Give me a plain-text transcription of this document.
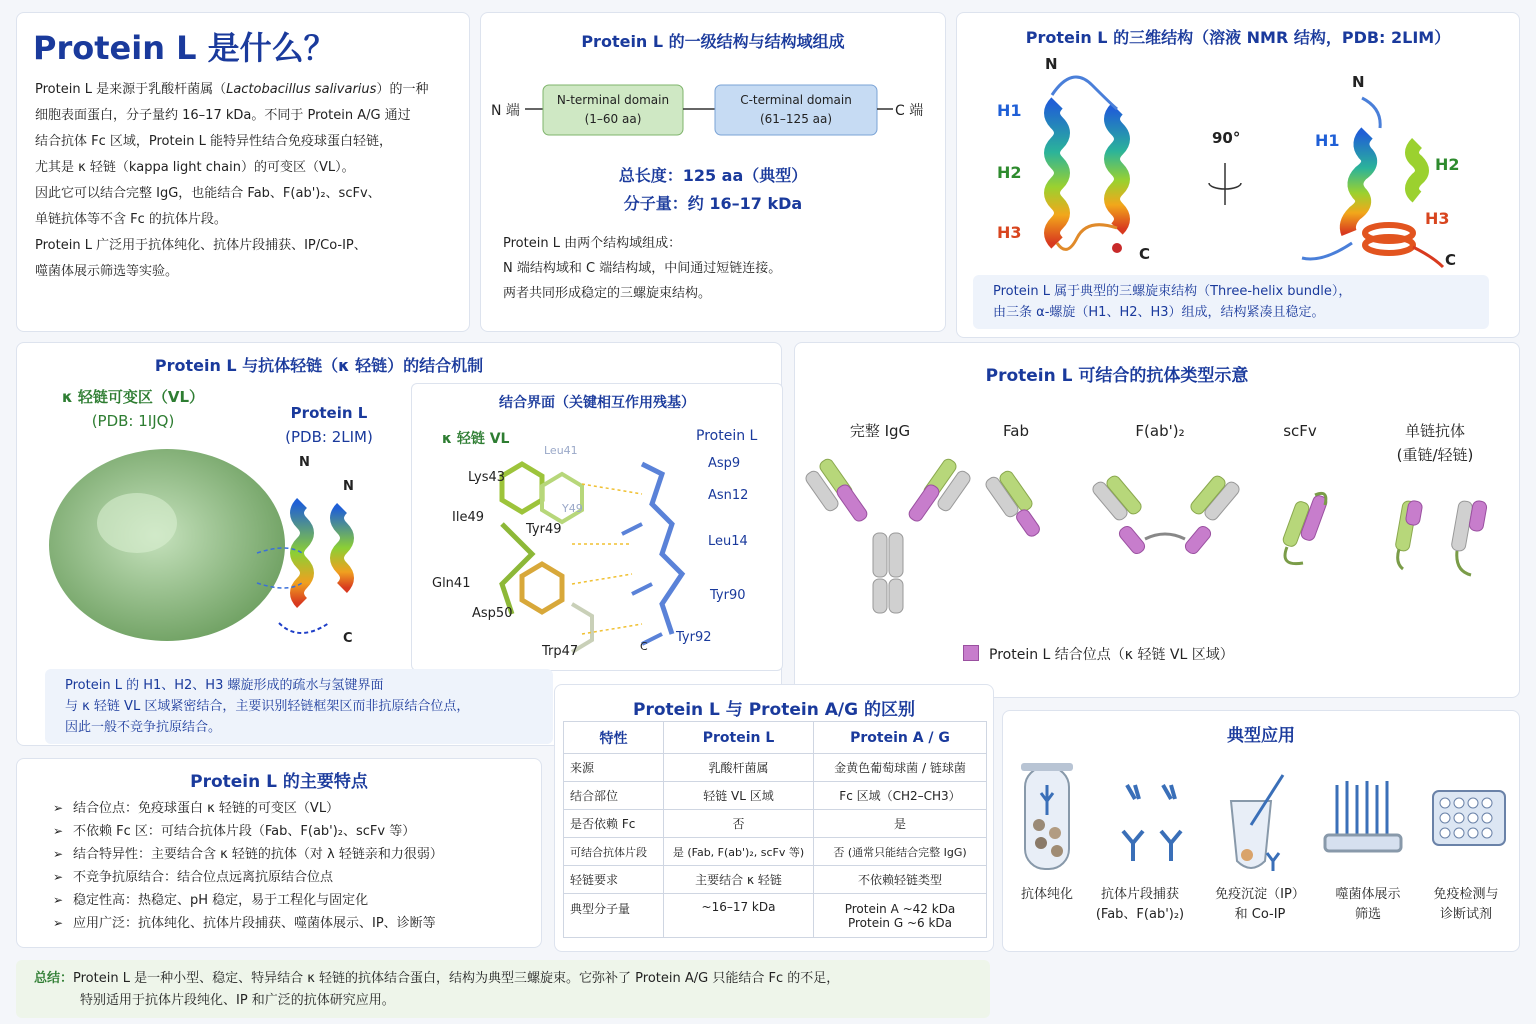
Protein L 是什么？
Protein L 是来源于乳酸杆菌属（Lactobacillus salivarius）的一种
细胞表面蛋白，分子量约 16–17 kDa。不同于 Protein A/G 通过
结合抗体 Fc 区域，Protein L 能特异性结合免疫球蛋白轻链，
尤其是 κ 轻链（kappa light chain）的可变区（VL）。
因此它可以结合完整 IgG，也能结合 Fab、F(ab')₂、scFv、
单链抗体等不含 Fc 的抗体片段。
Protein L 广泛用于抗体纯化、抗体片段捕获、IP/Co-IP、
噬菌体展示筛选等实验。
Protein L 的一级结构与结构域组成
N 端	C 端
N-terminal domain
(1–60 aa)
C-terminal domain
(61–125 aa)
总长度：125 aa（典型）
分子量：约 16–17 kDa
Protein L 由两个结构域组成：
N 端结构域和 C 端结构域，中间通过短链连接。
两者共同形成稳定的三螺旋束结构。
Protein L 的三维结构（溶液 NMR 结构，PDB: 2LIM）
N
C
H1
H2
H3
90°
N
C
H1
H2
H3
Protein L 属于典型的三螺旋束结构（Three-helix bundle），
由三条 α-螺旋（H1、H2、H3）组成，结构紧凑且稳定。
Protein L 与抗体轻链（κ 轻链）的结合机制
κ 轻链可变区（VL）
(PDB: 1IJQ)	Protein L
(PDB: 2LIM)
N
N
C
结合界面（关键相互作用残基）
κ 轻链 VL	Protein L
Lys43
Ile49
Tyr49
Gln41
Asp50
Trp47
Leu41
Y49
Asp9
Asn12
Leu14
Tyr90
Tyr92
C
Protein L 的 H1、H2、H3 螺旋形成的疏水与氢键界面
与 κ 轻链 VL 区域紧密结合，主要识别轻链框架区而非抗原结合位点，
因此一般不竞争抗原结合。
Protein L 可结合的抗体类型示意
完整 IgG	Fab	F(ab')₂	scFv	单链抗体
(重链/轻链)
Protein L 结合位点（κ 轻链 VL 区域）
Protein L 与 Protein A/G 的区别
特性	Protein L	Protein A / G

来源	乳酸杆菌属	金黄色葡萄球菌 / 链球菌

结合部位	轻链 VL 区域	Fc 区域（CH2–CH3）

是否依赖 Fc	否	是

可结合抗体片段	是 (Fab, F(ab')₂, scFv 等)	否 (通常只能结合完整 IgG)

轻链要求	主要结合 κ 轻链	不依赖轻链类型

典型分子量	~16–17 kDa	Protein A ~42 kDa
Protein G ~6 kDa
Protein L 的主要特点
➢ 结合位点：免疫球蛋白 κ 轻链的可变区（VL）
➢ 不依赖 Fc 区：可结合抗体片段（Fab、F(ab')₂、scFv 等）
➢ 结合特异性：主要结合含 κ 轻链的抗体（对 λ 轻链亲和力很弱）
➢ 不竞争抗原结合：结合位点远离抗原结合位点
➢ 稳定性高：热稳定、pH 稳定，易于工程化与固定化
➢ 应用广泛：抗体纯化、抗体片段捕获、噬菌体展示、IP、诊断等
典型应用
抗体纯化	抗体片段捕获
(Fab、F(ab')₂)
免疫沉淀（IP）
和 Co-IP
噬菌体展示
筛选
免疫检测与
诊断试剂
总结：Protein L 是一种小型、稳定、特异结合 κ 轻链的抗体结合蛋白，结构为典型三螺旋束。它弥补了 Protein A/G 只能结合 Fc 的不足，
特别适用于抗体片段纯化、IP 和广泛的抗体研究应用。
